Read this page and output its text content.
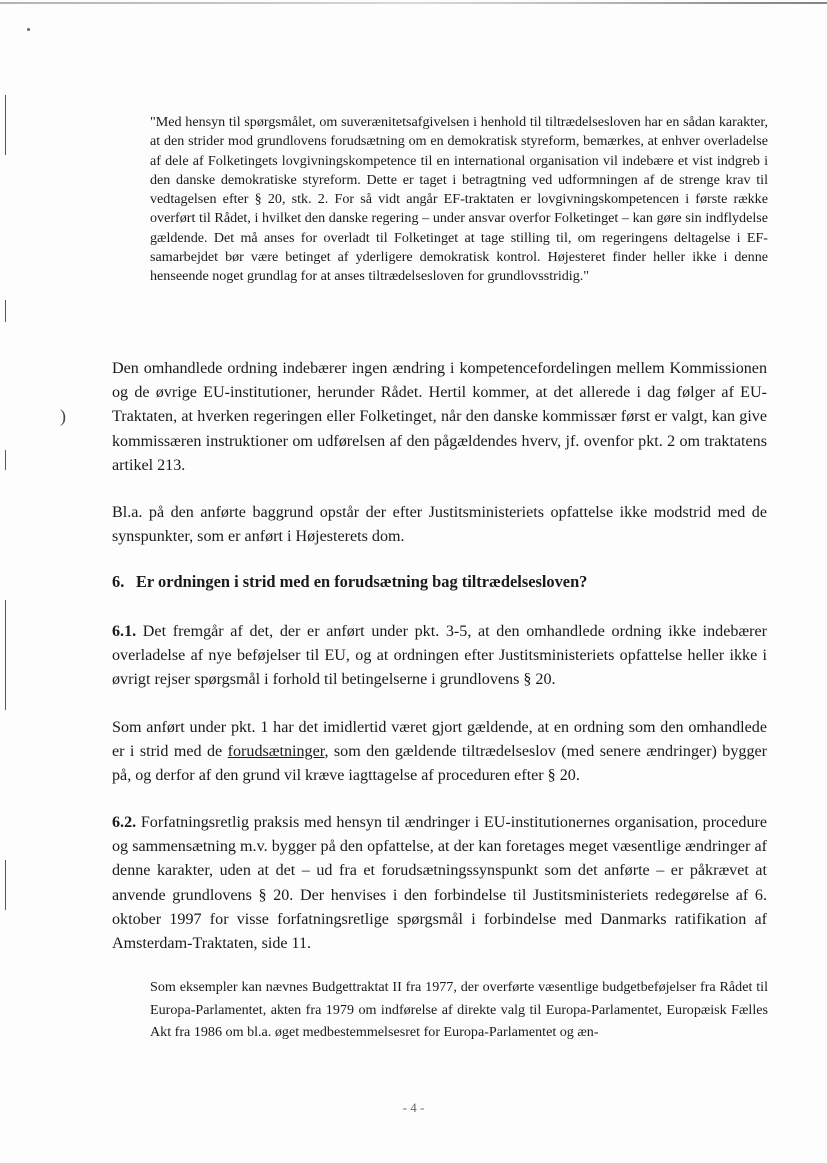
)

"Med hensyn til spørgsmålet, om suverænitetsafgivelsen i henhold til tiltrædelsesloven har en sådan karakter, at den strider mod grundlovens forudsætning om en demokratisk styreform, bemærkes, at enhver overladelse af dele af Folketingets lovgivningskompetence til en international organisation vil indebære et vist indgreb i den danske demokratiske styreform. Dette er taget i betragtning ved udformningen af de strenge krav til vedtagelsen efter § 20, stk. 2. For så vidt angår EF-traktaten er lovgivningskompetencen i første række overført til Rådet, i hvilket den danske regering – under ansvar overfor Folketinget – kan gøre sin indflydelse gældende. Det må anses for overladt til Folketinget at tage stilling til, om regeringens deltagelse i EF-samarbejdet bør være betinget af yderligere demokratisk kontrol. Højesteret finder heller ikke i denne henseende noget grundlag for at anses tiltrædelsesloven for grundlovsstridig."

Den omhandlede ordning indebærer ingen ændring i kompetencefordelingen mellem Kommissionen og de øvrige EU-institutioner, herunder Rådet. Hertil kommer, at det allerede i dag følger af EU-Traktaten, at hverken regeringen eller Folketinget, når den danske kommissær først er valgt, kan give kommissæren instruktioner om udførelsen af den pågældendes hverv, jf. ovenfor pkt. 2 om traktatens artikel 213.

Bl.a. på den anførte baggrund opstår der efter Justitsministeriets opfattelse ikke modstrid med de synspunkter, som er anført i Højesterets dom.

6. Er ordningen i strid med en forudsætning bag tiltrædelsesloven?

6.1. Det fremgår af det, der er anført under pkt. 3-5, at den omhandlede ordning ikke indebærer overladelse af nye beføjelser til EU, og at ordningen efter Justitsministeriets opfattelse heller ikke i øvrigt rejser spørgsmål i forhold til betingelserne i grundlovens § 20.

Som anført under pkt. 1 har det imidlertid været gjort gældende, at en ordning som den omhandlede er i strid med de forudsætninger, som den gældende tiltrædelseslov (med senere ændringer) bygger på, og derfor af den grund vil kræve iagttagelse af proceduren efter § 20.

6.2. Forfatningsretlig praksis med hensyn til ændringer i EU-institutionernes organisation, procedure og sammensætning m.v. bygger på den opfattelse, at der kan foretages meget væsentlige ændringer af denne karakter, uden at det – ud fra et forudsætningssynspunkt som det anførte – er påkrævet at anvende grundlovens § 20. Der henvises i den forbindelse til Justitsministeriets redegørelse af 6. oktober 1997 for visse forfatningsretlige spørgsmål i forbindelse med Danmarks ratifikation af Amsterdam-Traktaten, side 11.

Som eksempler kan nævnes Budgettraktat II fra 1977, der overførte væsentlige budgetbeføjelser fra Rådet til Europa-Parlamentet, akten fra 1979 om indførelse af direkte valg til Europa-Parlamentet, Europæisk Fælles Akt fra 1986 om bl.a. øget medbestemmelsesret for Europa-Parlamentet og æn-

- 4 -
